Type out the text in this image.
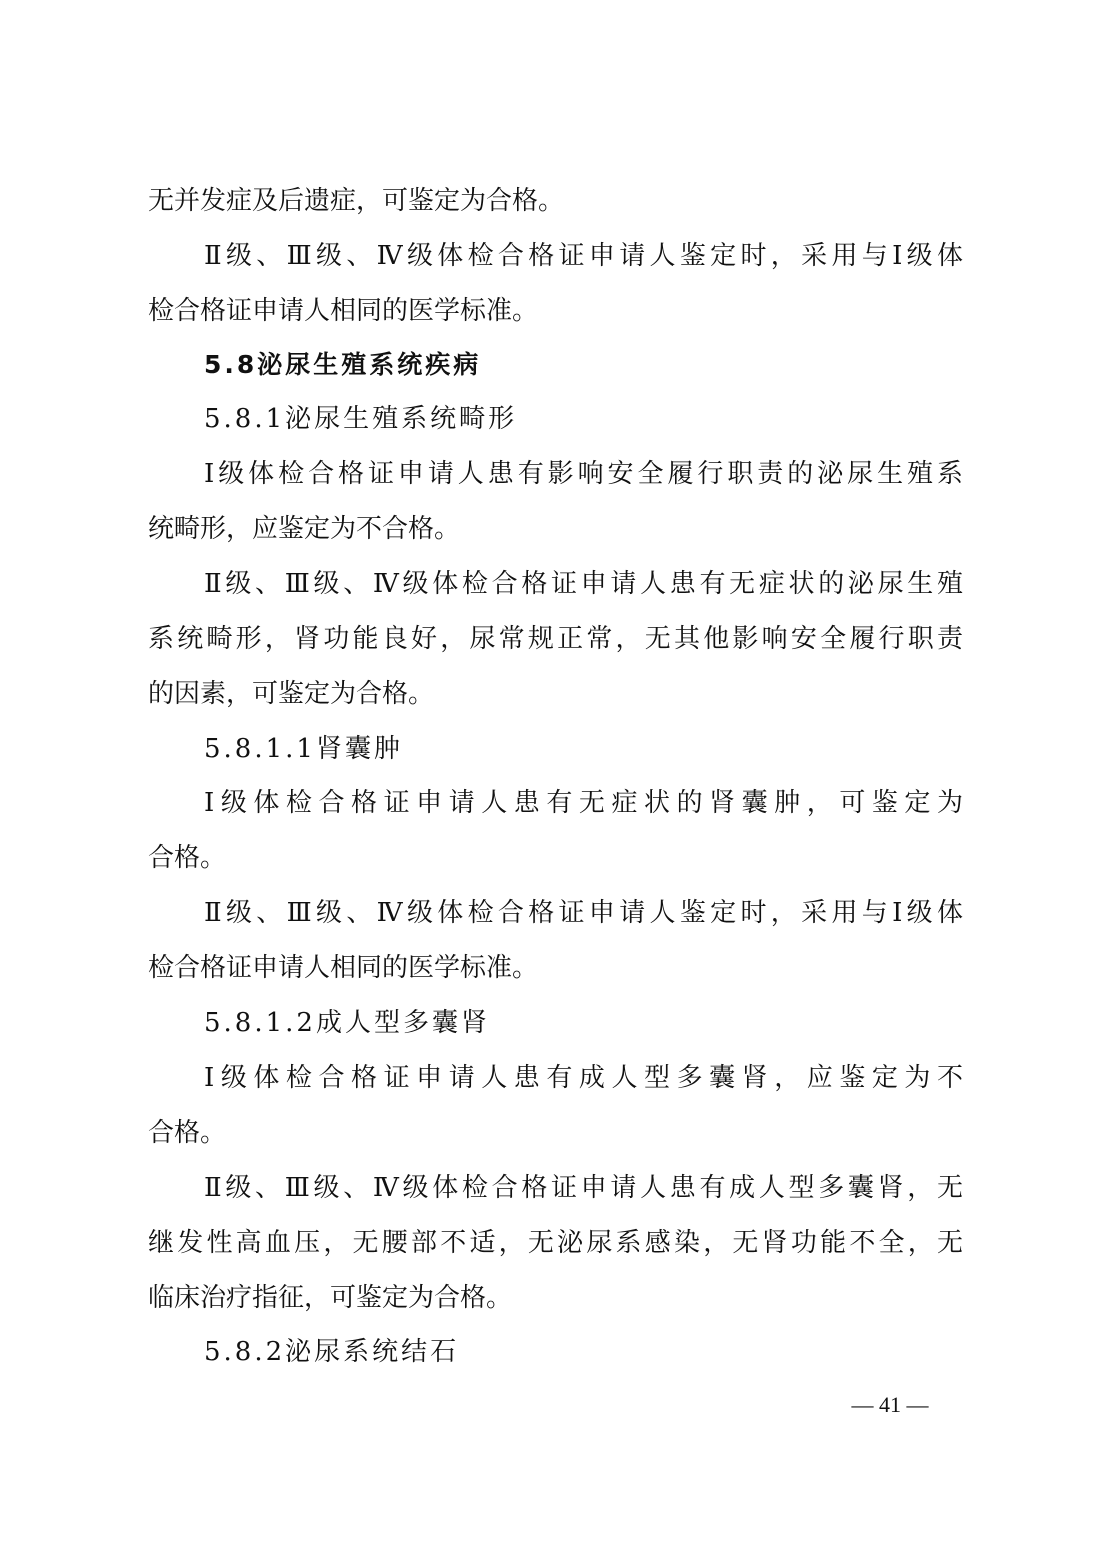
无并发症及后遗症，可鉴定为合格。
Ⅱ级、Ⅲ级、Ⅳ级体检合格证申请人鉴定时，采用与Ⅰ级体
检合格证申请人相同的医学标准。
5.8泌尿生殖系统疾病
5.8.1泌尿生殖系统畸形
Ⅰ级体检合格证申请人患有影响安全履行职责的泌尿生殖系
统畸形，应鉴定为不合格。
Ⅱ级、Ⅲ级、Ⅳ级体检合格证申请人患有无症状的泌尿生殖
系统畸形，肾功能良好，尿常规正常，无其他影响安全履行职责
的因素，可鉴定为合格。
5.8.1.1肾囊肿
Ⅰ级体检合格证申请人患有无症状的肾囊肿，可鉴定为
合格。
Ⅱ级、Ⅲ级、Ⅳ级体检合格证申请人鉴定时，采用与Ⅰ级体
检合格证申请人相同的医学标准。
5.8.1.2成人型多囊肾
Ⅰ级体检合格证申请人患有成人型多囊肾，应鉴定为不
合格。
Ⅱ级、Ⅲ级、Ⅳ级体检合格证申请人患有成人型多囊肾，无
继发性高血压，无腰部不适，无泌尿系感染，无肾功能不全，无
临床治疗指征，可鉴定为合格。
5.8.2泌尿系统结石
— 41 —
